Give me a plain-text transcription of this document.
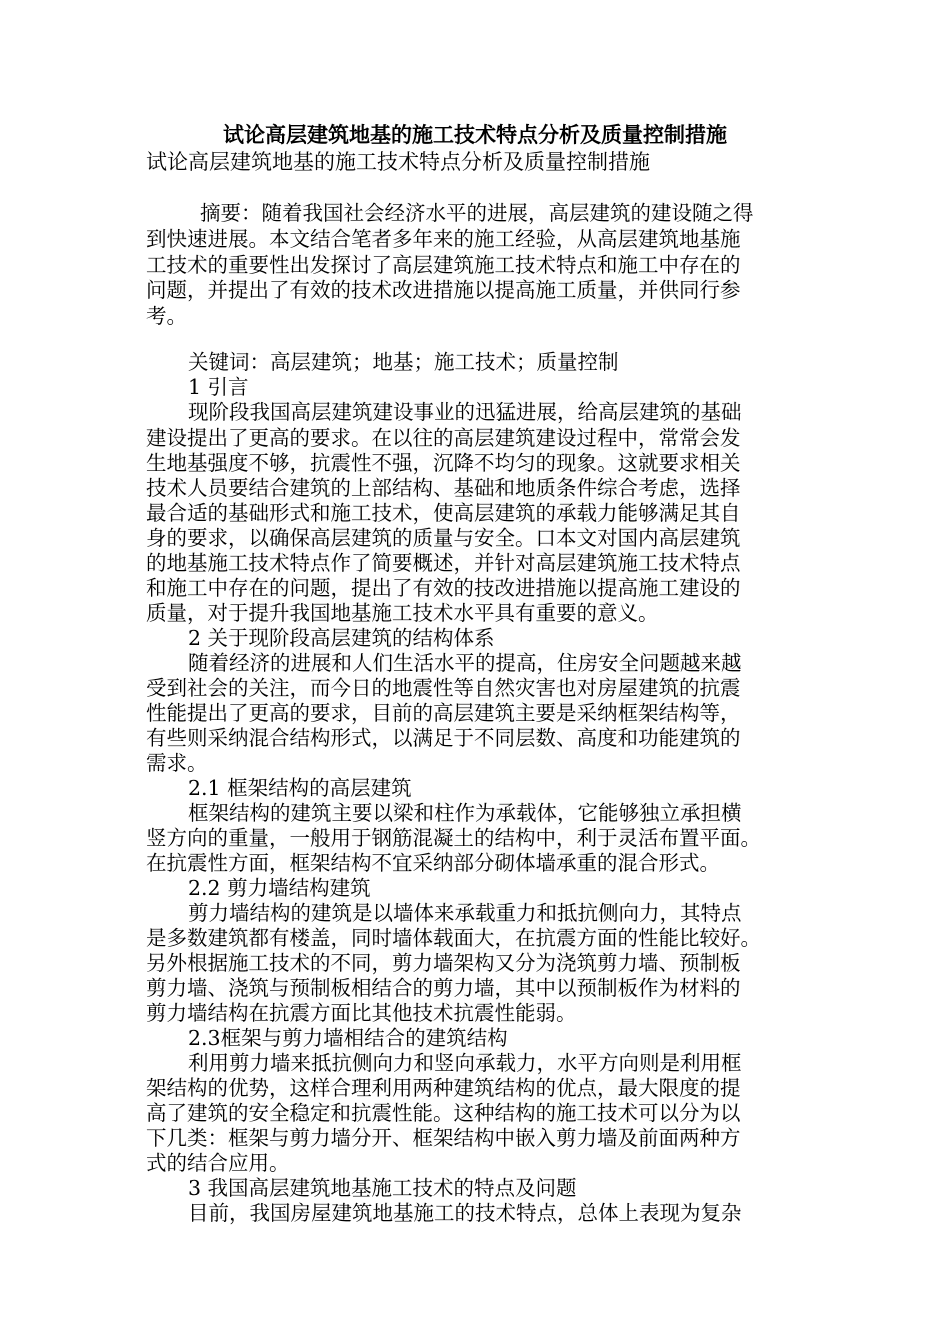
试论高层建筑地基的施工技术特点分析及质量控制措施
试论高层建筑地基的施工技术特点分析及质量控制措施
摘要：随着我国社会经济水平的进展，高层建筑的建设随之得
到快速进展。本文结合笔者多年来的施工经验，从高层建筑地基施
工技术的重要性出发探讨了高层建筑施工技术特点和施工中存在的
问题，并提出了有效的技术改进措施以提高施工质量，并供同行参
考。
关键词：高层建筑；地基；施工技术；质量控制
1 引言
现阶段我国高层建筑建设事业的迅猛进展，给高层建筑的基础
建设提出了更高的要求。在以往的高层建筑建设过程中，常常会发
生地基强度不够，抗震性不强，沉降不均匀的现象。这就要求相关
技术人员要结合建筑的上部结构、基础和地质条件综合考虑，选择
最合适的基础形式和施工技术，使高层建筑的承载力能够满足其自
身的要求，以确保高层建筑的质量与安全。口本文对国内高层建筑
的地基施工技术特点作了简要概述，并针对高层建筑施工技术特点
和施工中存在的问题，提出了有效的技改进措施以提高施工建设的
质量，对于提升我国地基施工技术水平具有重要的意义。
2 关于现阶段高层建筑的结构体系
随着经济的进展和人们生活水平的提高，住房安全问题越来越
受到社会的关注，而今日的地震性等自然灾害也对房屋建筑的抗震
性能提出了更高的要求，目前的高层建筑主要是采纳框架结构等，
有些则采纳混合结构形式，以满足于不同层数、高度和功能建筑的
需求。
2.1 框架结构的高层建筑
框架结构的建筑主要以梁和柱作为承载体，它能够独立承担横
竖方向的重量，一般用于钢筋混凝土的结构中，利于灵活布置平面。
在抗震性方面，框架结构不宜采纳部分砌体墙承重的混合形式。
2.2 剪力墙结构建筑
剪力墙结构的建筑是以墙体来承载重力和抵抗侧向力，其特点
是多数建筑都有楼盖，同时墙体载面大，在抗震方面的性能比较好。
另外根据施工技术的不同，剪力墙架构又分为浇筑剪力墙、预制板
剪力墙、浇筑与预制板相结合的剪力墙，其中以预制板作为材料的
剪力墙结构在抗震方面比其他技术抗震性能弱。
2.3框架与剪力墙相结合的建筑结构
利用剪力墙来抵抗侧向力和竖向承载力，水平方向则是利用框
架结构的优势，这样合理利用两种建筑结构的优点，最大限度的提
高了建筑的安全稳定和抗震性能。这种结构的施工技术可以分为以
下几类：框架与剪力墙分开、框架结构中嵌入剪力墙及前面两种方
式的结合应用。
3 我国高层建筑地基施工技术的特点及问题
目前，我国房屋建筑地基施工的技术特点，总体上表现为复杂
